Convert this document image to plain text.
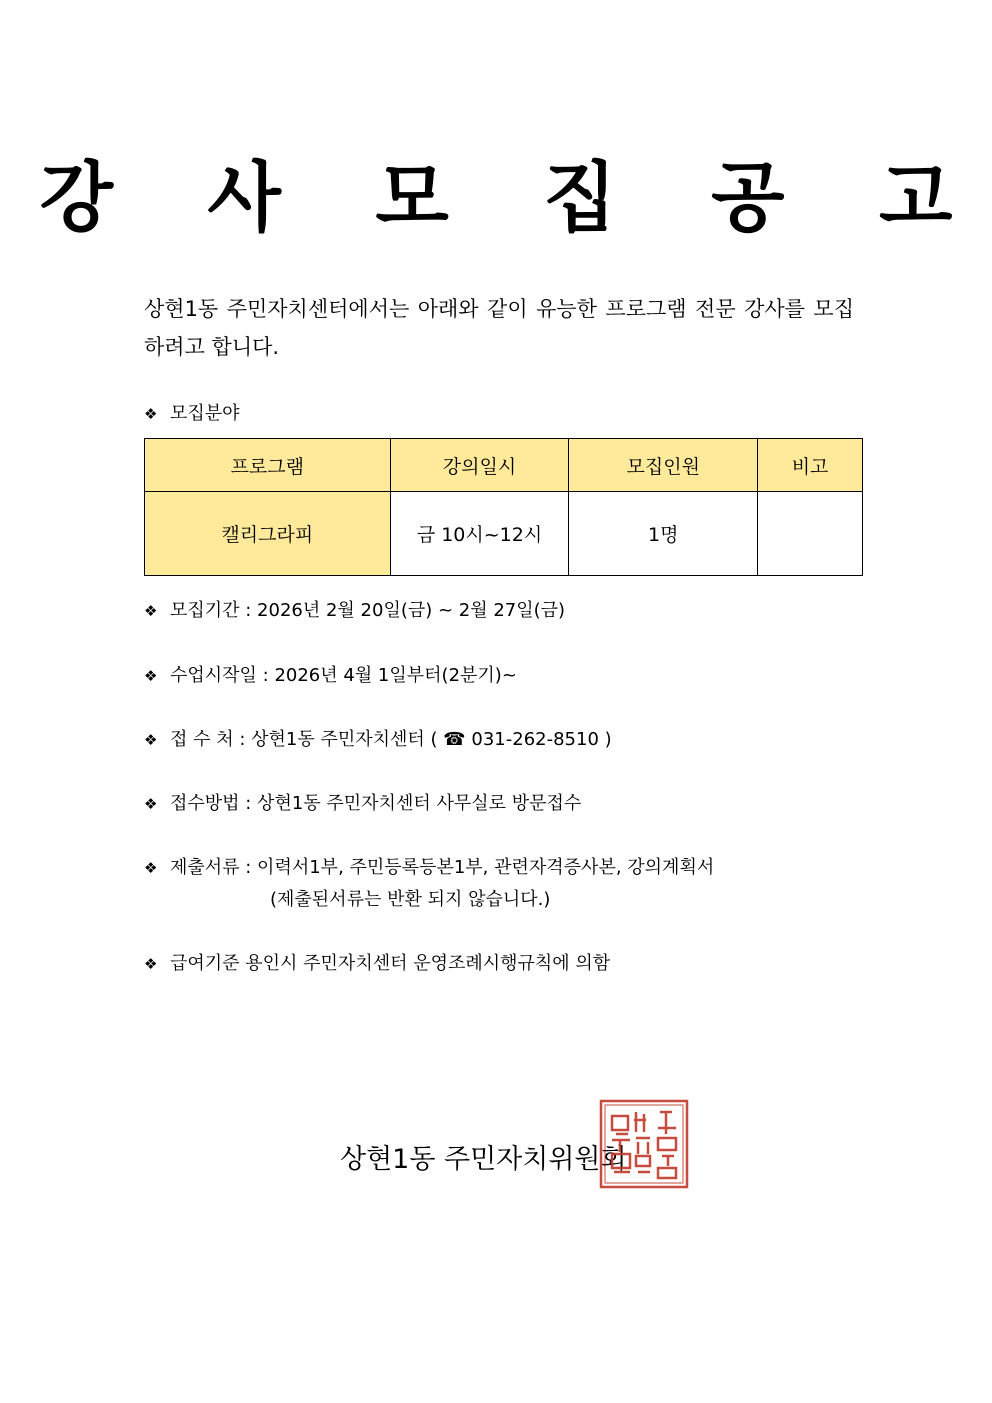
강 사 모 집 공 고
상현1동 주민자치센터에서는 아래와 같이 유능한 프로그램 전문 강사를 모집하려고 합니다.
❖ 모집분야
프로그램	강의일시	모집인원	비고
캘리그라피	금 10시~12시	1명	
❖ 모집기간 : 2026년 2월 20일(금) ~ 2월 27일(금)
❖ 수업시작일 : 2026년 4월 1일부터(2분기)~
❖ 접 수 처 : 상현1동 주민자치센터 ( ☎ 031-262-8510 )
❖ 접수방법 : 상현1동 주민자치센터 사무실로 방문접수
❖ 제출서류 : 이력서1부, 주민등록등본1부, 관련자격증사본, 강의계획서
(제출된서류는 반환 되지 않습니다.)
❖ 급여기준 용인시 주민자치센터 운영조례시행규칙에 의함
상현1동 주민자치위원회
